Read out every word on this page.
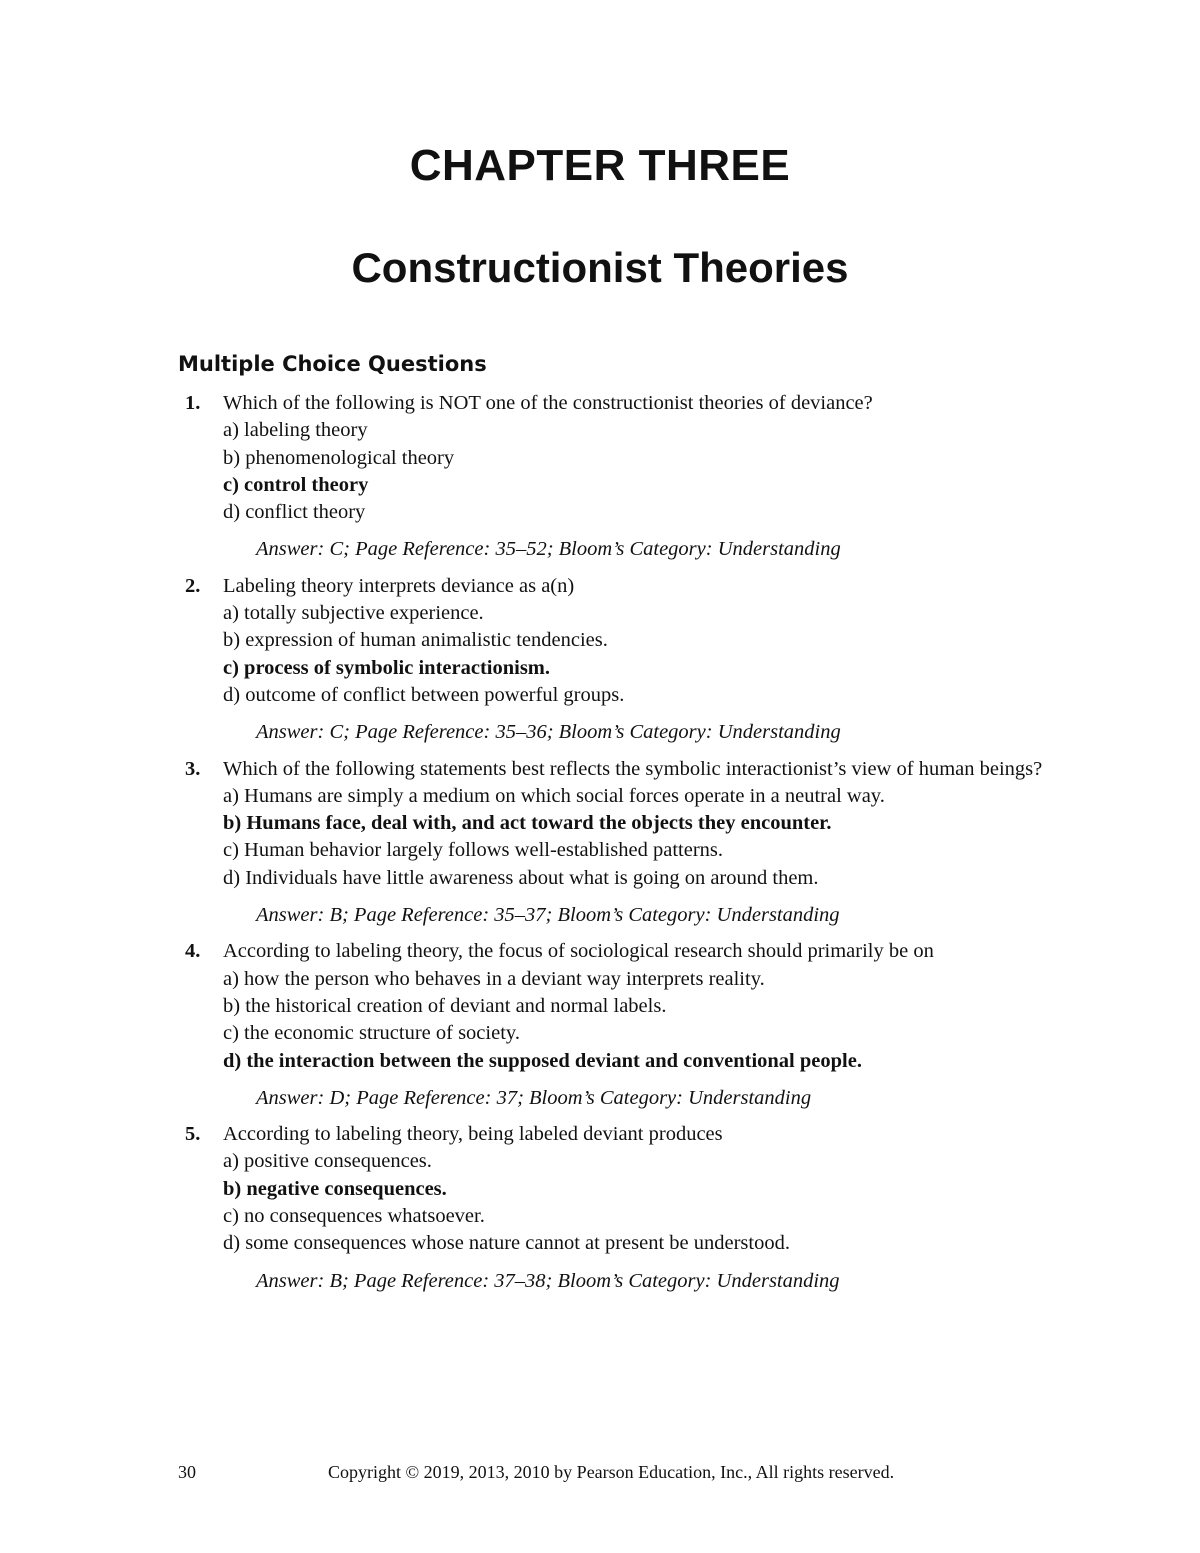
CHAPTER THREE
Constructionist Theories
Multiple Choice Questions
1. Which of the following is NOT one of the constructionist theories of deviance?
a) labeling theory
b) phenomenological theory
c) control theory
d) conflict theory
Answer: C; Page Reference: 35–52; Bloom’s Category: Understanding
2. Labeling theory interprets deviance as a(n)
a) totally subjective experience.
b) expression of human animalistic tendencies.
c) process of symbolic interactionism.
d) outcome of conflict between powerful groups.
Answer: C; Page Reference: 35–36; Bloom’s Category: Understanding
3. Which of the following statements best reflects the symbolic interactionist’s view of human beings?
a) Humans are simply a medium on which social forces operate in a neutral way.
b) Humans face, deal with, and act toward the objects they encounter.
c) Human behavior largely follows well-established patterns.
d) Individuals have little awareness about what is going on around them.
Answer: B; Page Reference: 35–37; Bloom’s Category: Understanding
4. According to labeling theory, the focus of sociological research should primarily be on
a) how the person who behaves in a deviant way interprets reality.
b) the historical creation of deviant and normal labels.
c) the economic structure of society.
d) the interaction between the supposed deviant and conventional people.
Answer: D; Page Reference: 37; Bloom’s Category: Understanding
5. According to labeling theory, being labeled deviant produces
a) positive consequences.
b) negative consequences.
c) no consequences whatsoever.
d) some consequences whose nature cannot at present be understood.
Answer: B; Page Reference: 37–38; Bloom’s Category: Understanding
30	Copyright © 2019, 2013, 2010 by Pearson Education, Inc., All rights reserved.
